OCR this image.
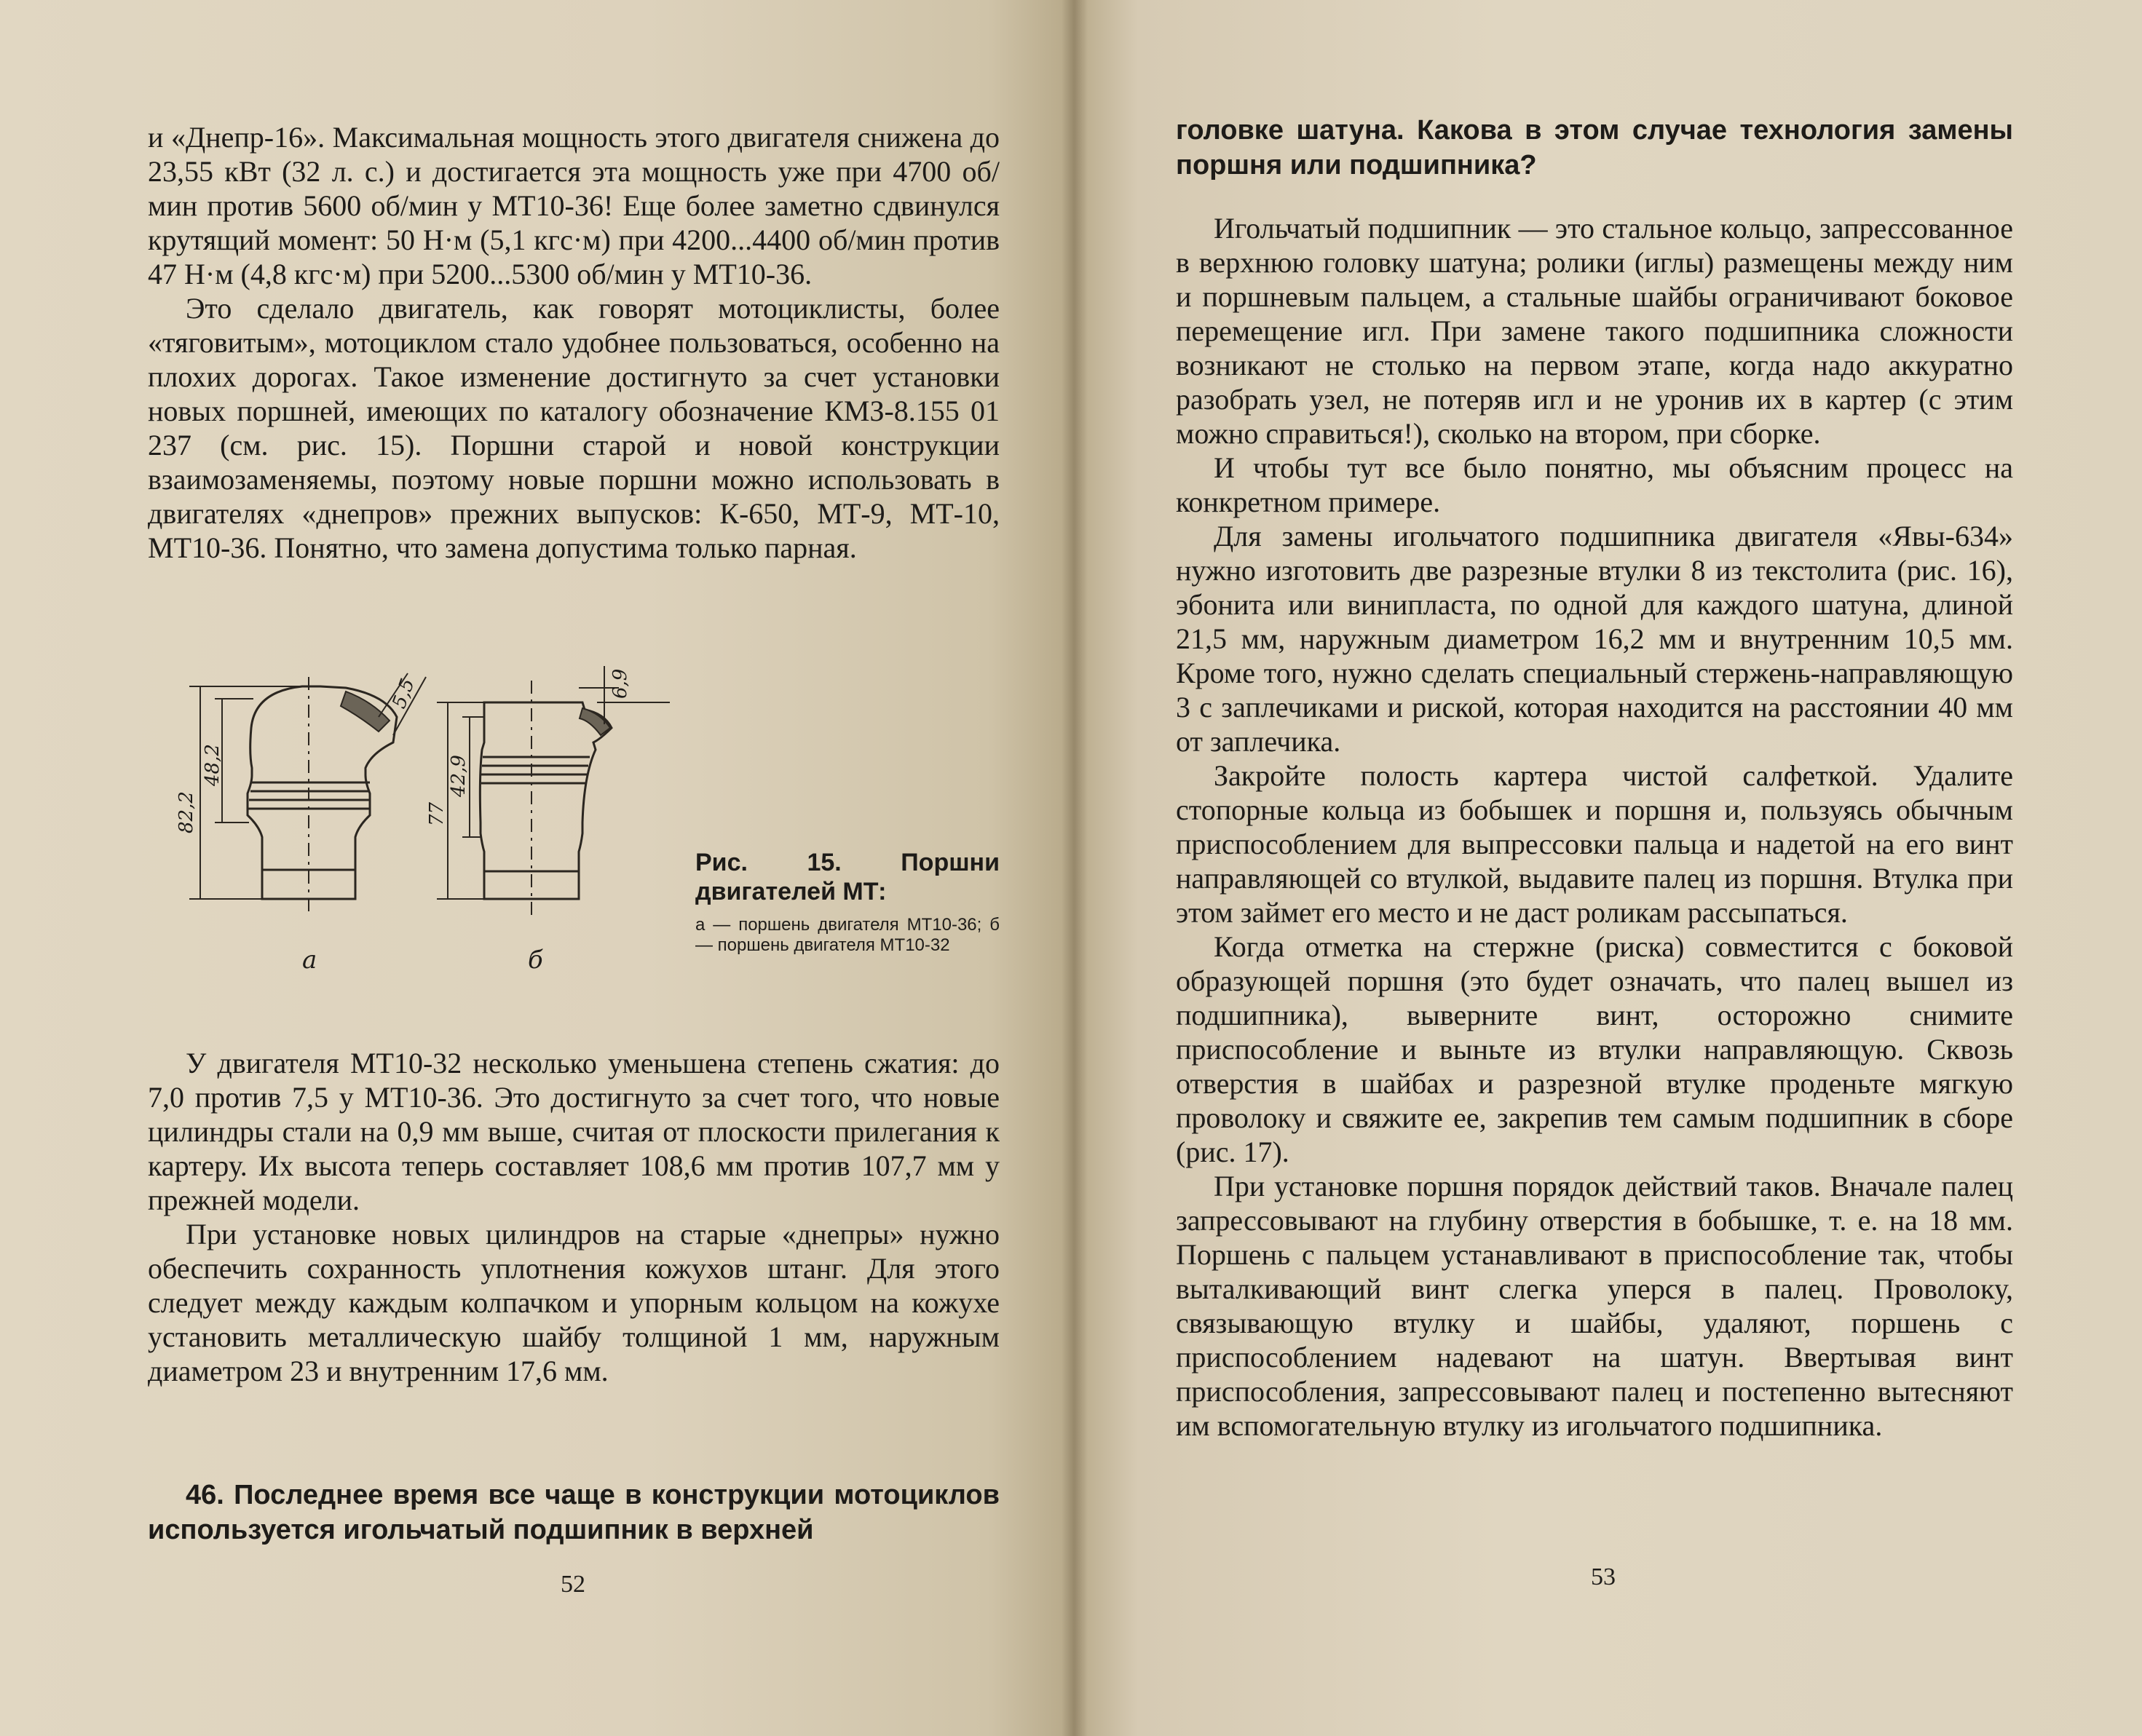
и «Днепр-16». Максимальная мощность этого двигателя снижена до 23,55 кВт (32 л. с.) и достигается эта мощность уже при 4700 об/мин против 5600 об/мин у МТ10-36! Еще более заметно сдвинулся крутящий момент: 50 Н·м (5,1 кгс·м) при 4200...4400 об/мин против 47 Н·м (4,8 кгс·м) при 5200...5300 об/мин у МТ10-36.

Это сделало двигатель, как говорят мотоциклисты, более «тяговитым», мотоциклом стало удобнее пользоваться, особенно на плохих дорогах. Такое изменение достигнуто за счет установки новых поршней, имеющих по каталогу обозначение КМЗ-8.155 01 237 (см. рис. 15). Поршни старой и новой конструкции взаимозаменяемы, поэтому новые поршни можно использовать в двигателях «днепров» прежних выпусков: К-650, МТ-9, МТ-10, МТ10-36. Понятно, что замена допустима только парная.

82,2
48,2
5,5
77
42,9
6,9
а	б

Рис. 15. Поршни двигателей МТ:

а — поршень двигателя МТ10-36; б — поршень двигателя МТ10-32

У двигателя МТ10-32 несколько уменьшена степень сжатия: до 7,0 против 7,5 у МТ10-36. Это достигнуто за счет того, что новые цилиндры стали на 0,9 мм выше, считая от плоскости прилегания к картеру. Их высота теперь составляет 108,6 мм против 107,7 мм у прежней модели.

При установке новых цилиндров на старые «днепры» нужно обеспечить сохранность уплотнения кожухов штанг. Для этого следует между каждым колпачком и упорным кольцом на кожухе установить металлическую шайбу толщиной 1 мм, наружным диаметром 23 и внутренним 17,6 мм.

46. Последнее время все чаще в конструкции мотоциклов используется игольчатый подшипник в верхней

52

головке шатуна. Какова в этом случае технология замены поршня или подшипника?

Игольчатый подшипник — это стальное кольцо, запрессованное в верхнюю головку шатуна; ролики (иглы) размещены между ним и поршневым пальцем, а стальные шайбы ограничивают боковое перемещение игл. При замене такого подшипника сложности возникают не столько на первом этапе, когда надо аккуратно разобрать узел, не потеряв игл и не уронив их в картер (с этим можно справиться!), сколько на втором, при сборке.

И чтобы тут все было понятно, мы объясним процесс на конкретном примере.

Для замены игольчатого подшипника двигателя «Явы-634» нужно изготовить две разрезные втулки 8 из текстолита (рис. 16), эбонита или винипласта, по одной для каждого шатуна, длиной 21,5 мм, наружным диаметром 16,2 мм и внутренним 10,5 мм. Кроме того, нужно сделать специальный стержень-направляющую 3 с заплечиками и риской, которая находится на расстоянии 40 мм от заплечика.

Закройте полость картера чистой салфеткой. Удалите стопорные кольца из бобышек и поршня и, пользуясь обычным приспособлением для выпрессовки пальца и надетой на его винт направляющей со втулкой, выдавите палец из поршня. Втулка при этом займет его место и не даст роликам рассыпаться.

Когда отметка на стержне (риска) совместится с боковой образующей поршня (это будет означать, что палец вышел из подшипника), выверните винт, осторожно снимите приспособление и выньте из втулки направляющую. Сквозь отверстия в шайбах и разрезной втулке проденьте мягкую проволоку и свяжите ее, закрепив тем самым подшипник в сборе (рис. 17).

При установке поршня порядок действий таков. Вначале палец запрессовывают на глубину отверстия в бобышке, т. е. на 18 мм. Поршень с пальцем устанавливают в приспособление так, чтобы выталкивающий винт слегка уперся в палец. Проволоку, связывающую втулку и шайбы, удаляют, поршень с приспособлением надевают на шатун. Ввертывая винт приспособления, запрессовывают палец и постепенно вытесняют им вспомогательную втулку из игольчатого подшипника.

53
